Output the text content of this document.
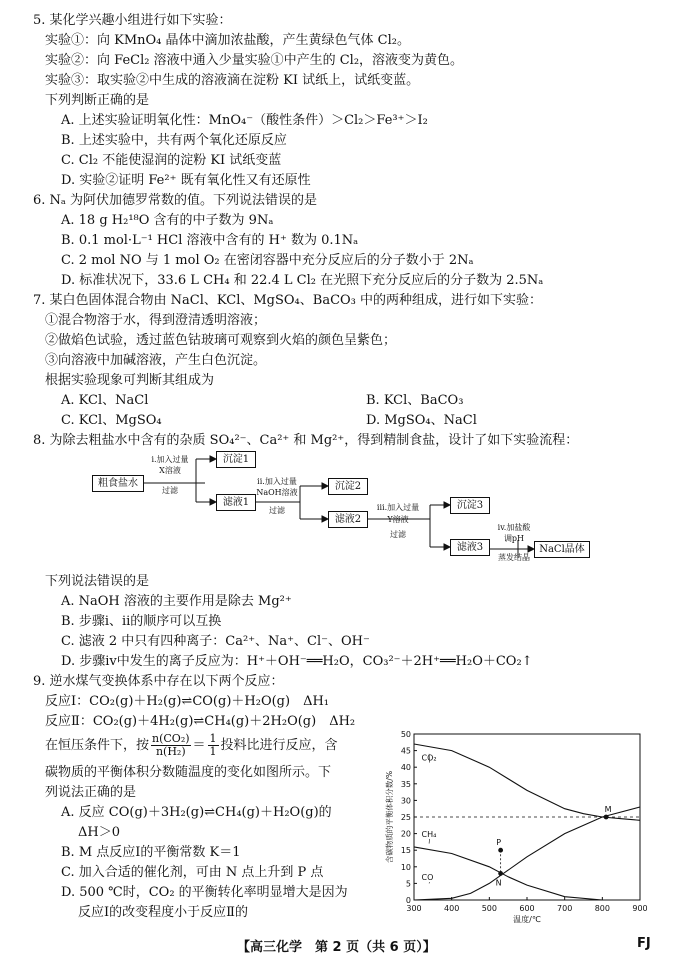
5. 某化学兴趣小组进行如下实验：
实验①：向 KMnO₄ 晶体中滴加浓盐酸，产生黄绿色气体 Cl₂。
实验②：向 FeCl₂ 溶液中通入少量实验①中产生的 Cl₂，溶液变为黄色。
实验③：取实验②中生成的溶液滴在淀粉 KI 试纸上，试纸变蓝。
下列判断正确的是
A. 上述实验证明氧化性：MnO₄⁻（酸性条件）＞Cl₂＞Fe³⁺＞I₂
B. 上述实验中，共有两个氧化还原反应
C. Cl₂ 不能使湿润的淀粉 KI 试纸变蓝
D. 实验②证明 Fe²⁺ 既有氧化性又有还原性
6. Nₐ 为阿伏加德罗常数的值。下列说法错误的是
A. 18 g H₂¹⁸O 含有的中子数为 9Nₐ
B. 0.1 mol·L⁻¹ HCl 溶液中含有的 H⁺ 数为 0.1Nₐ
C. 2 mol NO 与 1 mol O₂ 在密闭容器中充分反应后的分子数小于 2Nₐ
D. 标准状况下，33.6 L CH₄ 和 22.4 L Cl₂ 在光照下充分反应后的分子数为 2.5Nₐ
7. 某白色固体混合物由 NaCl、KCl、MgSO₄、BaCO₃ 中的两种组成，进行如下实验：
①混合物溶于水，得到澄清透明溶液；
②做焰色试验，透过蓝色钴玻璃可观察到火焰的颜色呈紫色；
③向溶液中加碱溶液，产生白色沉淀。
根据实验现象可判断其组成为
A. KCl、NaCl	B. KCl、BaCO₃
C. KCl、MgSO₄	D. MgSO₄、NaCl
8. 为除去粗盐水中含有的杂质 SO₄²⁻、Ca²⁺ 和 Mg²⁺，得到精制食盐，设计了如下实验流程：
粗食盐水
i.加入过量
X溶液
过滤
沉淀1
滤液1
ii.加入过量
NaOH溶液
过滤
沉淀2
滤液2
iii.加入过量
Y溶液
过滤
沉淀3
滤液3
iv.加盐酸
调pH
蒸发结晶
NaCl晶体
下列说法错误的是
A. NaOH 溶液的主要作用是除去 Mg²⁺
B. 步骤ⅰ、ⅱ的顺序可以互换
C. 滤液 2 中只有四种离子：Ca²⁺、Na⁺、Cl⁻、OH⁻
D. 步骤ⅳ中发生的离子反应为：H⁺＋OH⁻══H₂O，CO₃²⁻＋2H⁺══H₂O＋CO₂↑
9. 逆水煤气变换体系中存在以下两个反应：
反应Ⅰ：CO₂(g)＋H₂(g)⇌CO(g)＋H₂O(g)　ΔH₁
反应Ⅱ：CO₂(g)＋4H₂(g)⇌CH₄(g)＋2H₂O(g)　ΔH₂
在恒压条件下，按 $\frac{\text{n(CO₂)}}{\text{n(H₂)}} = \frac{1}{1}$ 投料比进行反应，含
碳物质的平衡体积分数随温度的变化如图所示。下
列说法正确的是
A. 反应 CO(g)＋3H₂(g)⇌CH₄(g)＋H₂O(g)的
ΔH＞0
B. M 点反应Ⅰ的平衡常数 K＝1
C. 加入合适的催化剂，可由 N 点上升到 P 点
D. 500 ℃时，CO₂ 的平衡转化率明显增大是因为
反应Ⅰ的改变程度小于反应Ⅱ的	300	400	500	600	700	800	900
0
5
10
15
20
25
30
35
40
45
50
温度/℃
含碳物质的平衡体积分数/%
CO₂
CH₄
CO
M
N
P
【高三化学　第 2 页（共 6 页）】	FJ
